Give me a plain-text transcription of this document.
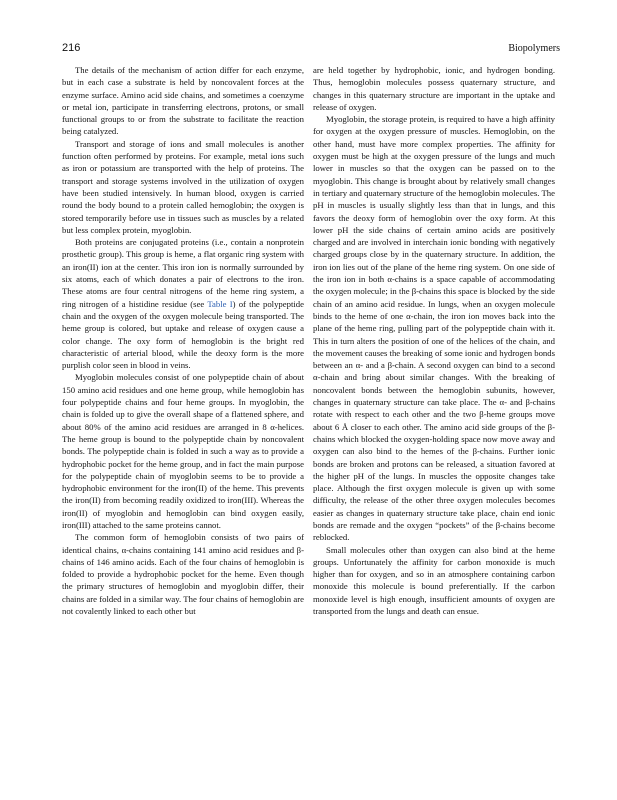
216	Biopolymers

The details of the mechanism of action differ for each enzyme, but in each case a substrate is held by noncovalent forces at the enzyme surface. Amino acid side chains, and sometimes a coenzyme or metal ion, participate in transferring electrons, protons, or small functional groups to or from the substrate to facilitate the reaction being catalyzed.

Transport and storage of ions and small molecules is another function often performed by proteins. For example, metal ions such as iron or potassium are transported with the help of proteins. The transport and storage systems involved in the utilization of oxygen have been studied intensively. In human blood, oxygen is carried round the body bound to a protein called hemoglobin; the oxygen is stored temporarily before use in tissues such as muscles by a related but less complex protein, myoglobin.

Both proteins are conjugated proteins (i.e., contain a nonprotein prosthetic group). This group is heme, a flat organic ring system with an iron(II) ion at the center. This iron ion is normally surrounded by six atoms, each of which donates a pair of electrons to the iron. These atoms are four central nitrogens of the heme ring system, a ring nitrogen of a histidine residue (see Table I) of the polypeptide chain and the oxygen of the oxygen molecule being transported. The heme group is colored, but uptake and release of oxygen cause a color change. The oxy form of hemoglobin is the bright red characteristic of arterial blood, while the deoxy form is the more purplish color seen in blood in veins.

Myoglobin molecules consist of one polypeptide chain of about 150 amino acid residues and one heme group, while hemoglobin has four polypeptide chains and four heme groups. In myoglobin, the chain is folded up to give the overall shape of a flattened sphere, and about 80% of the amino acid residues are arranged in 8 α-helices. The heme group is bound to the polypeptide chain by noncovalent bonds. The polypeptide chain is folded in such a way as to provide a hydrophobic pocket for the heme group, and in fact the main purpose for the polypeptide chain of myoglobin seems to be to provide a hydrophobic environment for the iron(II) of the heme. This prevents the iron(II) from becoming readily oxidized to iron(III). Whereas the iron(II) of myoglobin and hemoglobin can bind oxygen easily, iron(III) attached to the same proteins cannot.

The common form of hemoglobin consists of two pairs of identical chains, α-chains containing 141 amino acid residues and β-chains of 146 amino acids. Each of the four chains of hemoglobin is folded to provide a hydrophobic pocket for the heme. Even though the primary structures of hemoglobin and myoglobin differ, their chains are folded in a similar way. The four chains of hemoglobin are not covalently linked to each other but

are held together by hydrophobic, ionic, and hydrogen bonding. Thus, hemoglobin molecules possess quaternary structure, and changes in this quaternary structure are important in the uptake and release of oxygen.

Myoglobin, the storage protein, is required to have a high affinity for oxygen at the oxygen pressure of muscles. Hemoglobin, on the other hand, must have more complex properties. The affinity for oxygen must be high at the oxygen pressure of the lungs and much lower in muscles so that the oxygen can be passed on to the myoglobin. This change is brought about by relatively small changes in tertiary and quaternary structure of the hemoglobin molecules. The pH in muscles is usually slightly less than that in lungs, and this favors the deoxy form of hemoglobin over the oxy form. At this lower pH the side chains of certain amino acids are positively charged and are involved in interchain ionic bonding with negatively charged groups close by in the quaternary structure. In addition, the iron ion lies out of the plane of the heme ring system. On one side of the iron ion in both α-chains is a space capable of accommodating the oxygen molecule; in the β-chains this space is blocked by the side chain of an amino acid residue. In lungs, when an oxygen molecule binds to the heme of one α-chain, the iron ion moves back into the plane of the heme ring, pulling part of the polypeptide chain with it. This in turn alters the position of one of the helices of the chain, and the movement causes the breaking of some ionic and hydrogen bonds between an α- and a β-chain. A second oxygen can bind to a second α-chain and bring about similar changes. With the breaking of noncovalent bonds between the hemoglobin subunits, however, changes in quaternary structure can take place. The α- and β-chains rotate with respect to each other and the two β-heme groups move about 6 Å closer to each other. The amino acid side groups of the β-chains which blocked the oxygen-holding space now move away and oxygen can also bind to the hemes of the β-chains. Further ionic bonds are broken and protons can be released, a situation favored at the higher pH of the lungs. In muscles the opposite changes take place. Although the first oxygen molecule is given up with some difficulty, the release of the other three oxygen molecules becomes easier as changes in quaternary structure take place, chain end ionic bonds are remade and the oxygen “pockets” of the β-chains become reblocked.

Small molecules other than oxygen can also bind at the heme groups. Unfortunately the affinity for carbon monoxide is much higher than for oxygen, and so in an atmosphere containing carbon monoxide this molecule is bound preferentially. If the carbon monoxide level is high enough, insufficient amounts of oxygen are transported from the lungs and death can ensue.
